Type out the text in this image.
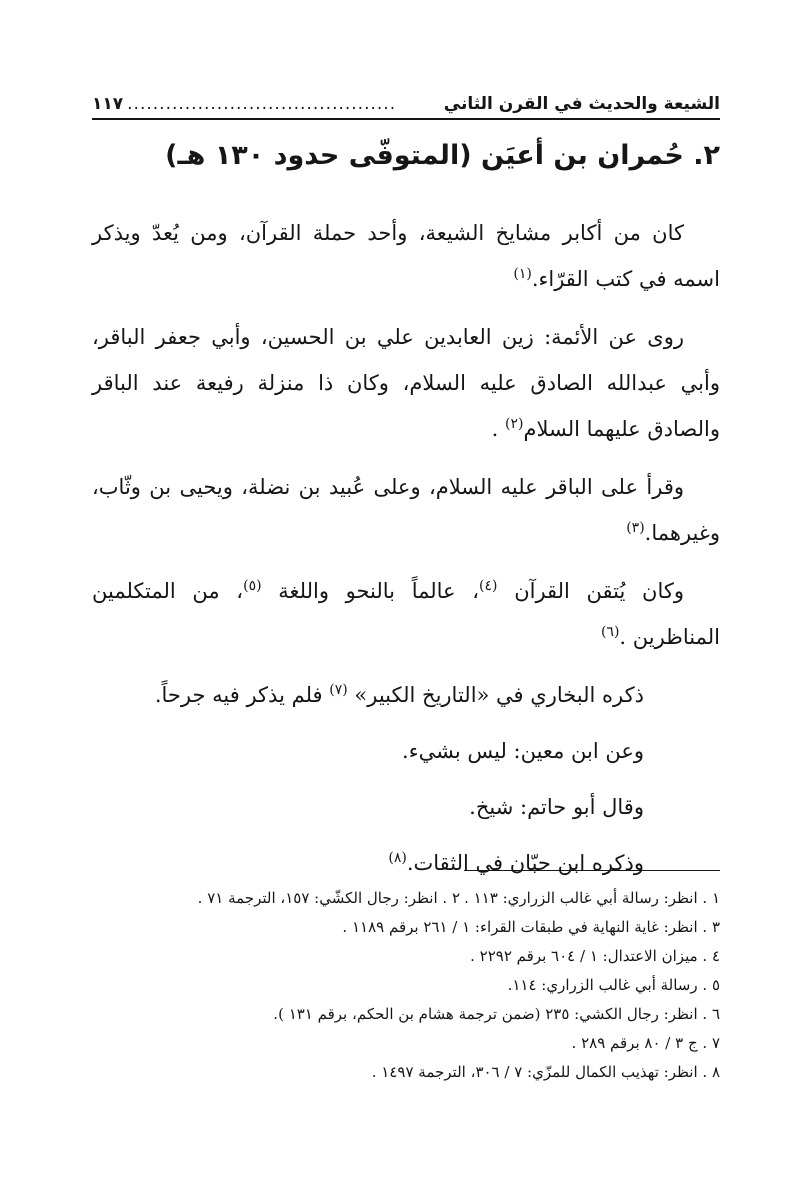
الشيعة والحديث في القرن الثاني
..........................................
١١٧
٢. حُمران بن أعيَن (المتوفّى حدود ١٣٠ هـ)

كان من أكابر مشايخ الشيعة، وأحد حملة القرآن، ومن يُعدّ ويذكر اسمه في كتب القرّاء.$^{(١)}$

روى عن الأئمة: زين العابدين علي بن الحسين، وأبي جعفر الباقر، وأبي عبدالله الصادق عليه السلام، وكان ذا منزلة رفيعة عند الباقر والصادق عليهما السلام$^{(٢)}$ .

وقرأ على الباقر عليه السلام، وعلى عُبيد بن نضلة، ويحيى بن وثّاب، وغيرهما.$^{(٣)}$

وكان يُتقن القرآن $^{(٤)}$، عالماً بالنحو واللغة $^{(٥)}$، من المتكلمين المناظرين .$^{(٦)}$

ذكره البخاري في «التاريخ الكبير» $^{(٧)}$ فلم يذكر فيه جرحاً.

وعن ابن معين: ليس بشيء.

وقال أبو حاتم: شيخ.

وذكره ابن حبّان في الثقات.$^{(٨)}$

١ . انظر: رسالة أبي غالب الزراري: ١١٣ .
٢ . انظر: رجال الكشّي: ١٥٧، الترجمة ٧١ .
٣ . انظر: غاية النهاية في طبقات القراء: ١ / ٢٦١ برقم ١١٨٩ .
٤ . ميزان الاعتدال: ١ / ٦٠٤ برقم ٢٢٩٢ .
٥ . رسالة أبي غالب الزراري: ١١٤.
٦ . انظر: رجال الكشي: ٢٣٥ (ضمن ترجمة هشام بن الحكم، برقم ١٣١ ).
٧ . ج ٣ / ٨٠ برقم ٢٨٩ .
٨ . انظر: تهذيب الكمال للمزّي: ٧ / ٣٠٦، الترجمة ١٤٩٧ .
